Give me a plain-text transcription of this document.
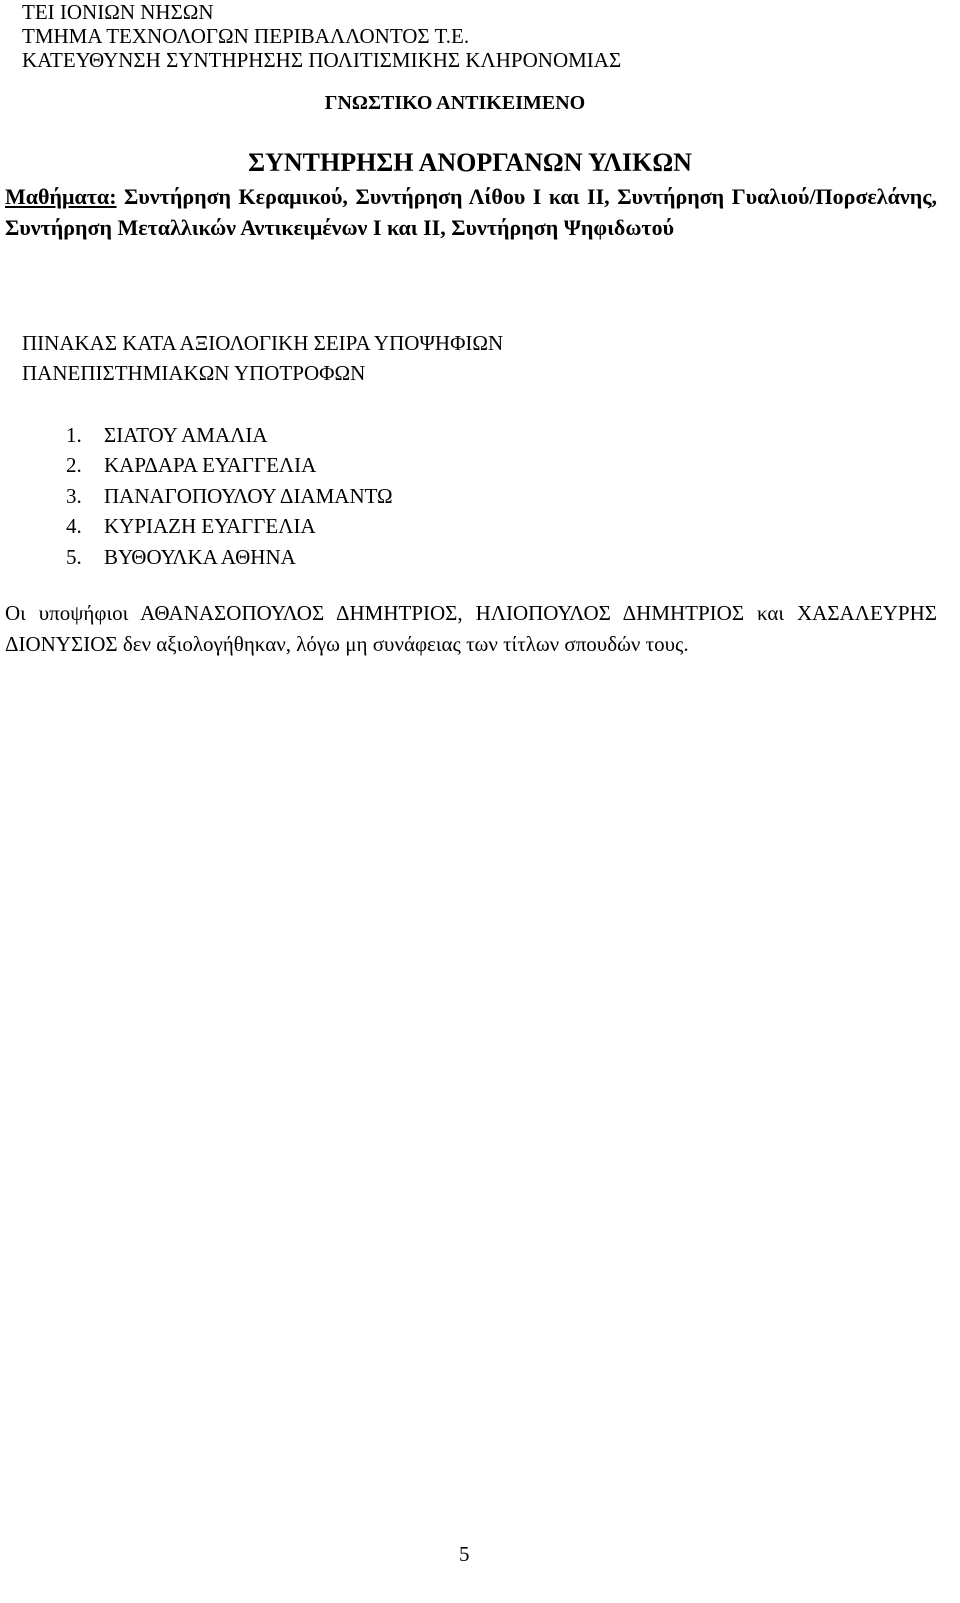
ΤΕΙ ΙΟΝΙΩΝ ΝΗΣΩΝ
ΤΜΗΜΑ ΤΕΧΝΟΛΟΓΩΝ ΠΕΡΙΒΑΛΛΟΝΤΟΣ Τ.Ε.
ΚΑΤΕΥΘΥΝΣΗ ΣΥΝΤΗΡΗΣΗΣ ΠΟΛΙΤΙΣΜΙΚΗΣ ΚΛΗΡΟΝΟΜΙΑΣ
ΓΝΩΣΤΙΚΟ ΑΝΤΙΚΕΙΜΕΝΟ
ΣΥΝΤΗΡΗΣΗ ΑΝΟΡΓΑΝΩΝ ΥΛΙΚΩΝ
Μαθήματα: Συντήρηση Κεραμικού, Συντήρηση Λίθου Ι και ΙΙ, Συντήρηση Γυαλιού/Πορσελάνης, Συντήρηση Μεταλλικών Αντικειμένων Ι και ΙΙ, Συντήρηση Ψηφιδωτού
ΠΙΝΑΚΑΣ ΚΑΤΑ ΑΞΙΟΛΟΓΙΚΗ ΣΕΙΡΑ ΥΠΟΨΗΦΙΩΝ
ΠΑΝΕΠΙΣΤΗΜΙΑΚΩΝ ΥΠΟΤΡΟΦΩΝ
1.	ΣΙΑΤΟΥ ΑΜΑΛΙΑ
2.	ΚΑΡΔΑΡΑ ΕΥΑΓΓΕΛΙΑ
3.	ΠΑΝΑΓΟΠΟΥΛΟΥ ΔΙΑΜΑΝΤΩ
4.	ΚΥΡΙΑΖΗ ΕΥΑΓΓΕΛΙΑ
5.	ΒΥΘΟΥΛΚΑ ΑΘΗΝΑ
Οι υποψήφιοι ΑΘΑΝΑΣΟΠΟΥΛΟΣ ΔΗΜΗΤΡΙΟΣ, ΗΛΙΟΠΟΥΛΟΣ ΔΗΜΗΤΡΙΟΣ και ΧΑΣΑΛΕΥΡΗΣ ΔΙΟΝΥΣΙΟΣ δεν αξιολογήθηκαν, λόγω μη συνάφειας των τίτλων σπουδών τους.
5
